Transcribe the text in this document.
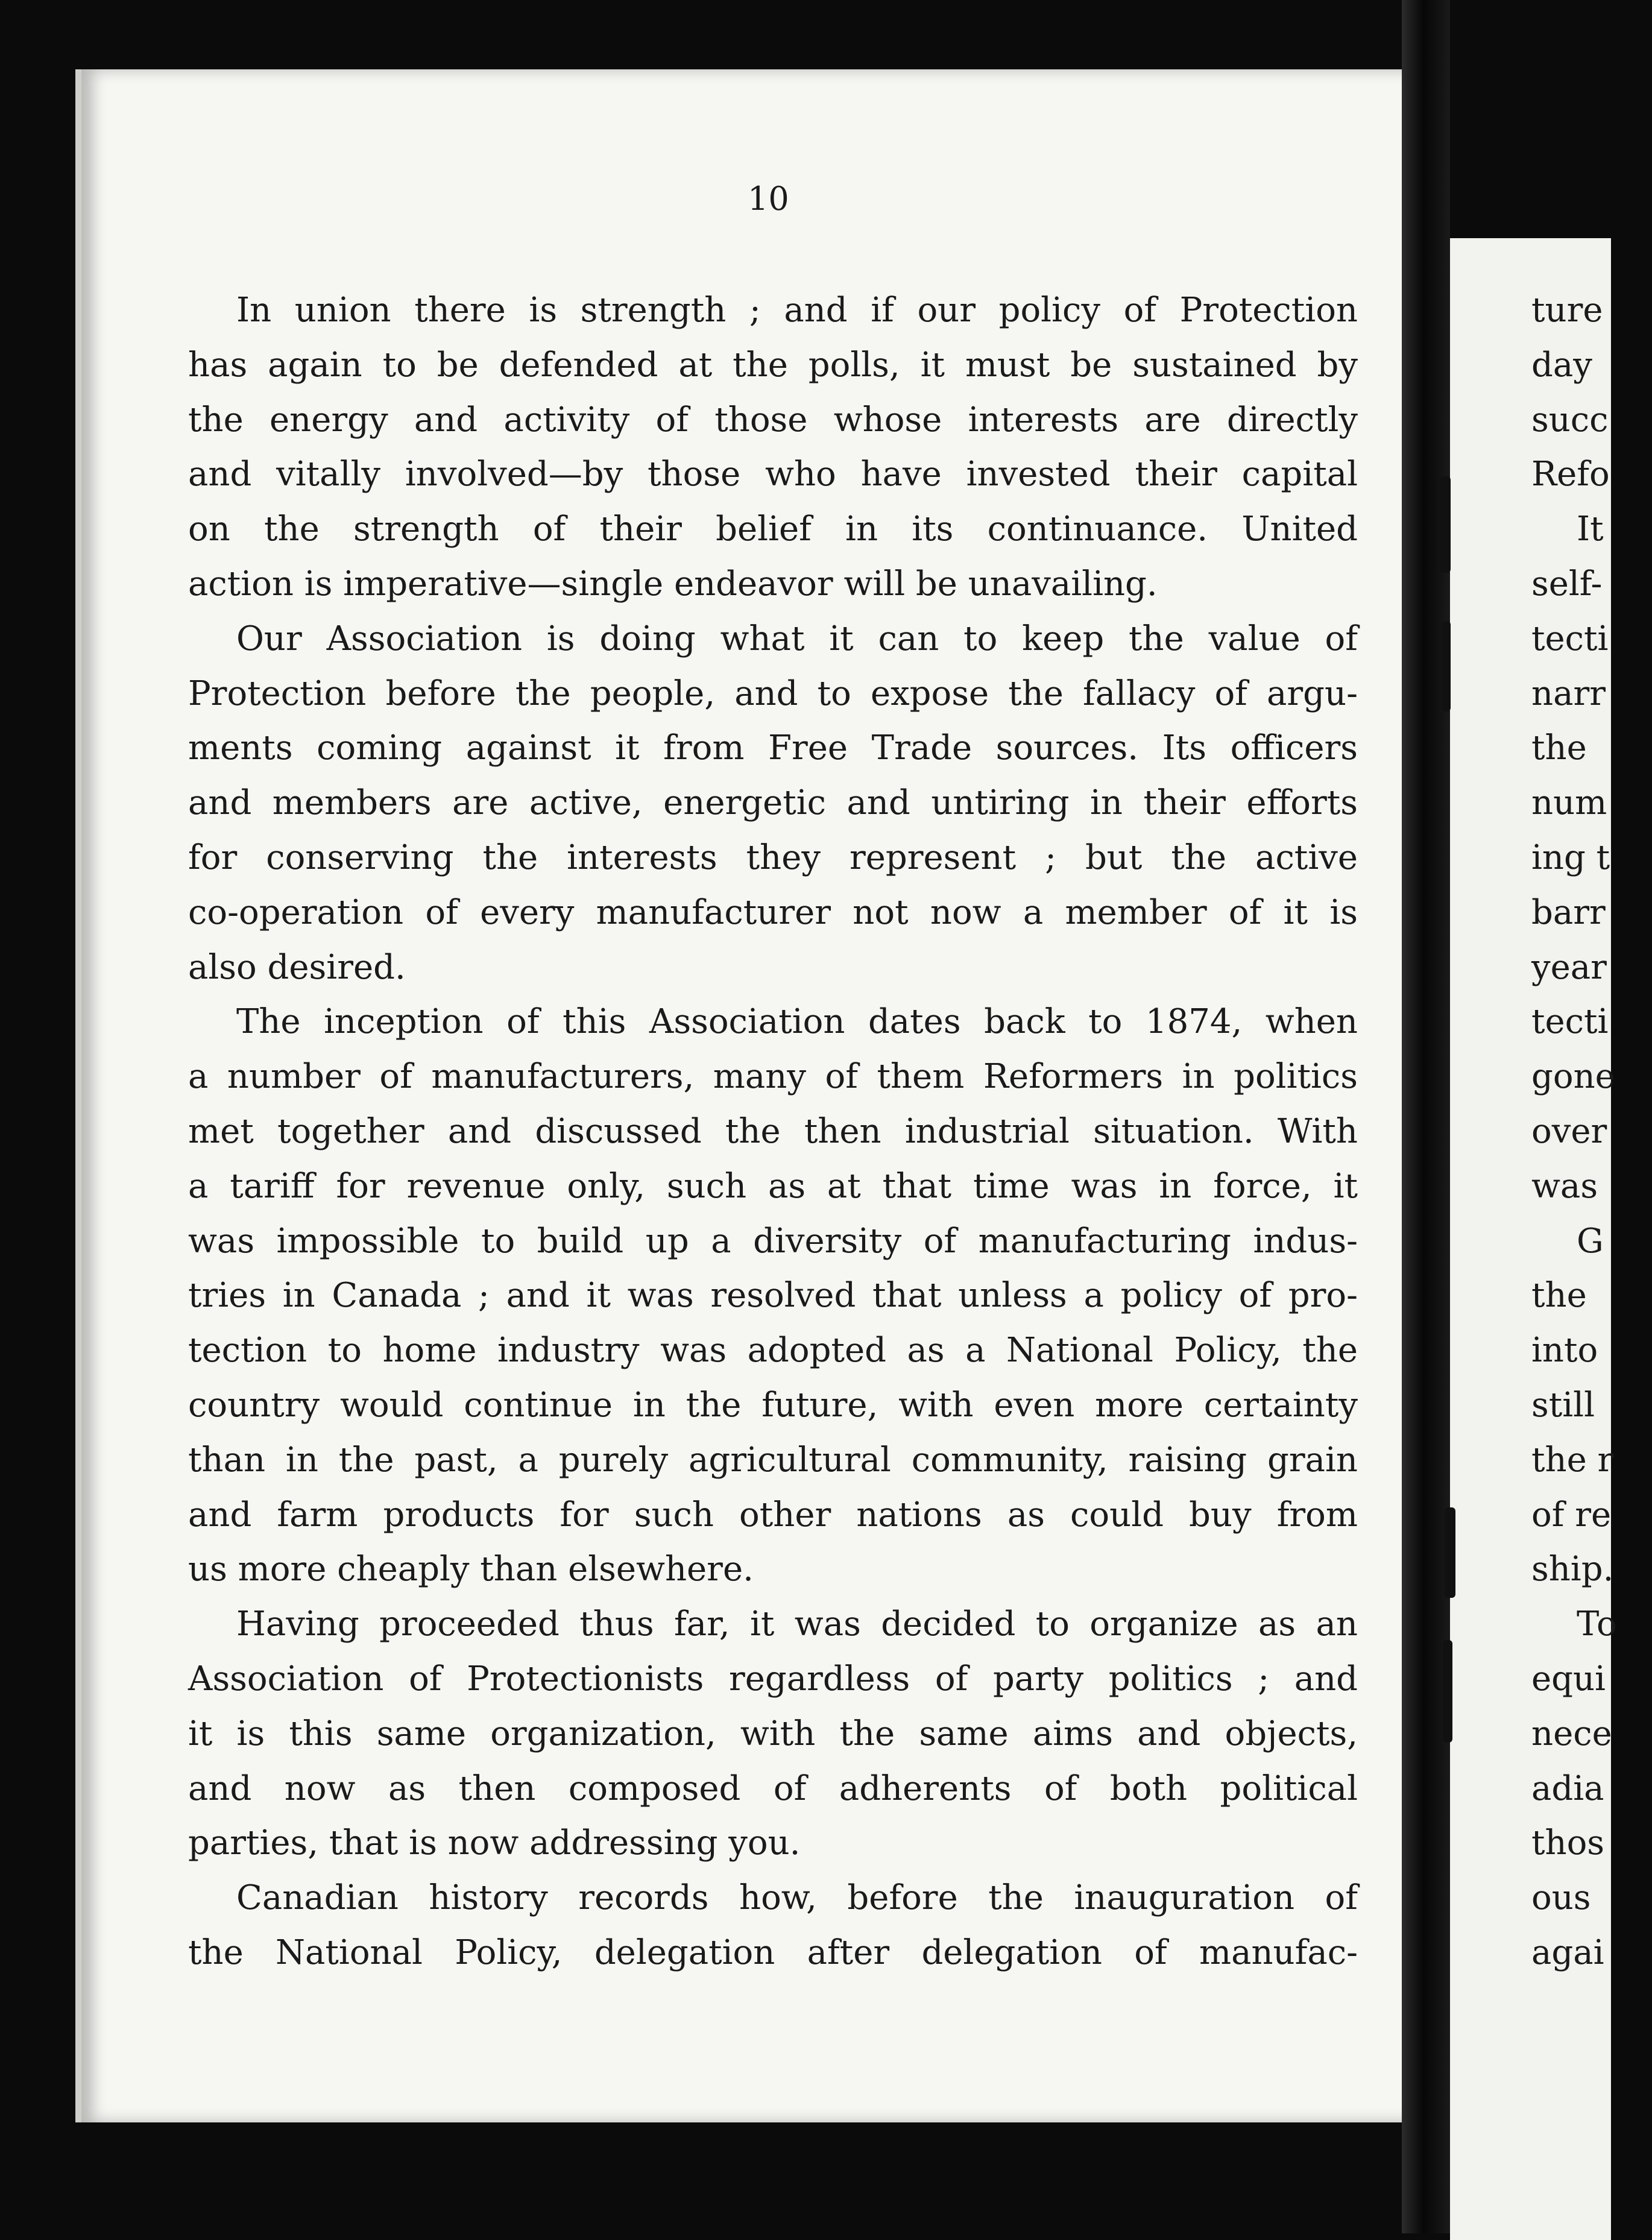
10
In union there is strength ; and if our policy of Protection
has again to be defended at the polls, it must be sustained by
the energy and activity of those whose interests are directly
and vitally involved—by those who have invested their capital
on the strength of their belief in its continuance. United
action is imperative—single endeavor will be unavailing.
Our Association is doing what it can to keep the value of
Protection before the people, and to expose the fallacy of argu-
ments coming against it from Free Trade sources. Its officers
and members are active, energetic and untiring in their efforts
for conserving the interests they represent ; but the active
co-operation of every manufacturer not now a member of it is
also desired.
The inception of this Association dates back to 1874, when
a number of manufacturers, many of them Reformers in politics
met together and discussed the then industrial situation. With
a tariff for revenue only, such as at that time was in force, it
was impossible to build up a diversity of manufacturing indus-
tries in Canada ; and it was resolved that unless a policy of pro-
tection to home industry was adopted as a National Policy, the
country would continue in the future, with even more certainty
than in the past, a purely agricultural community, raising grain
and farm products for such other nations as could buy from
us more cheaply than elsewhere.
Having proceeded thus far, it was decided to organize as an
Association of Protectionists regardless of party politics ; and
it is this same organization, with the same aims and objects,
and now as then composed of adherents of both political
parties, that is now addressing you.
Canadian history records how, before the inauguration of
the National Policy, delegation after delegation of manufac-
ture
day
succ
Refo
It
self-
tecti
narr
the
num
ing t
barr
year
tecti
gone
over
was
G
the
into
still
the r
of re
ship.
To
equi
nece
adia
thos
ous
agai
